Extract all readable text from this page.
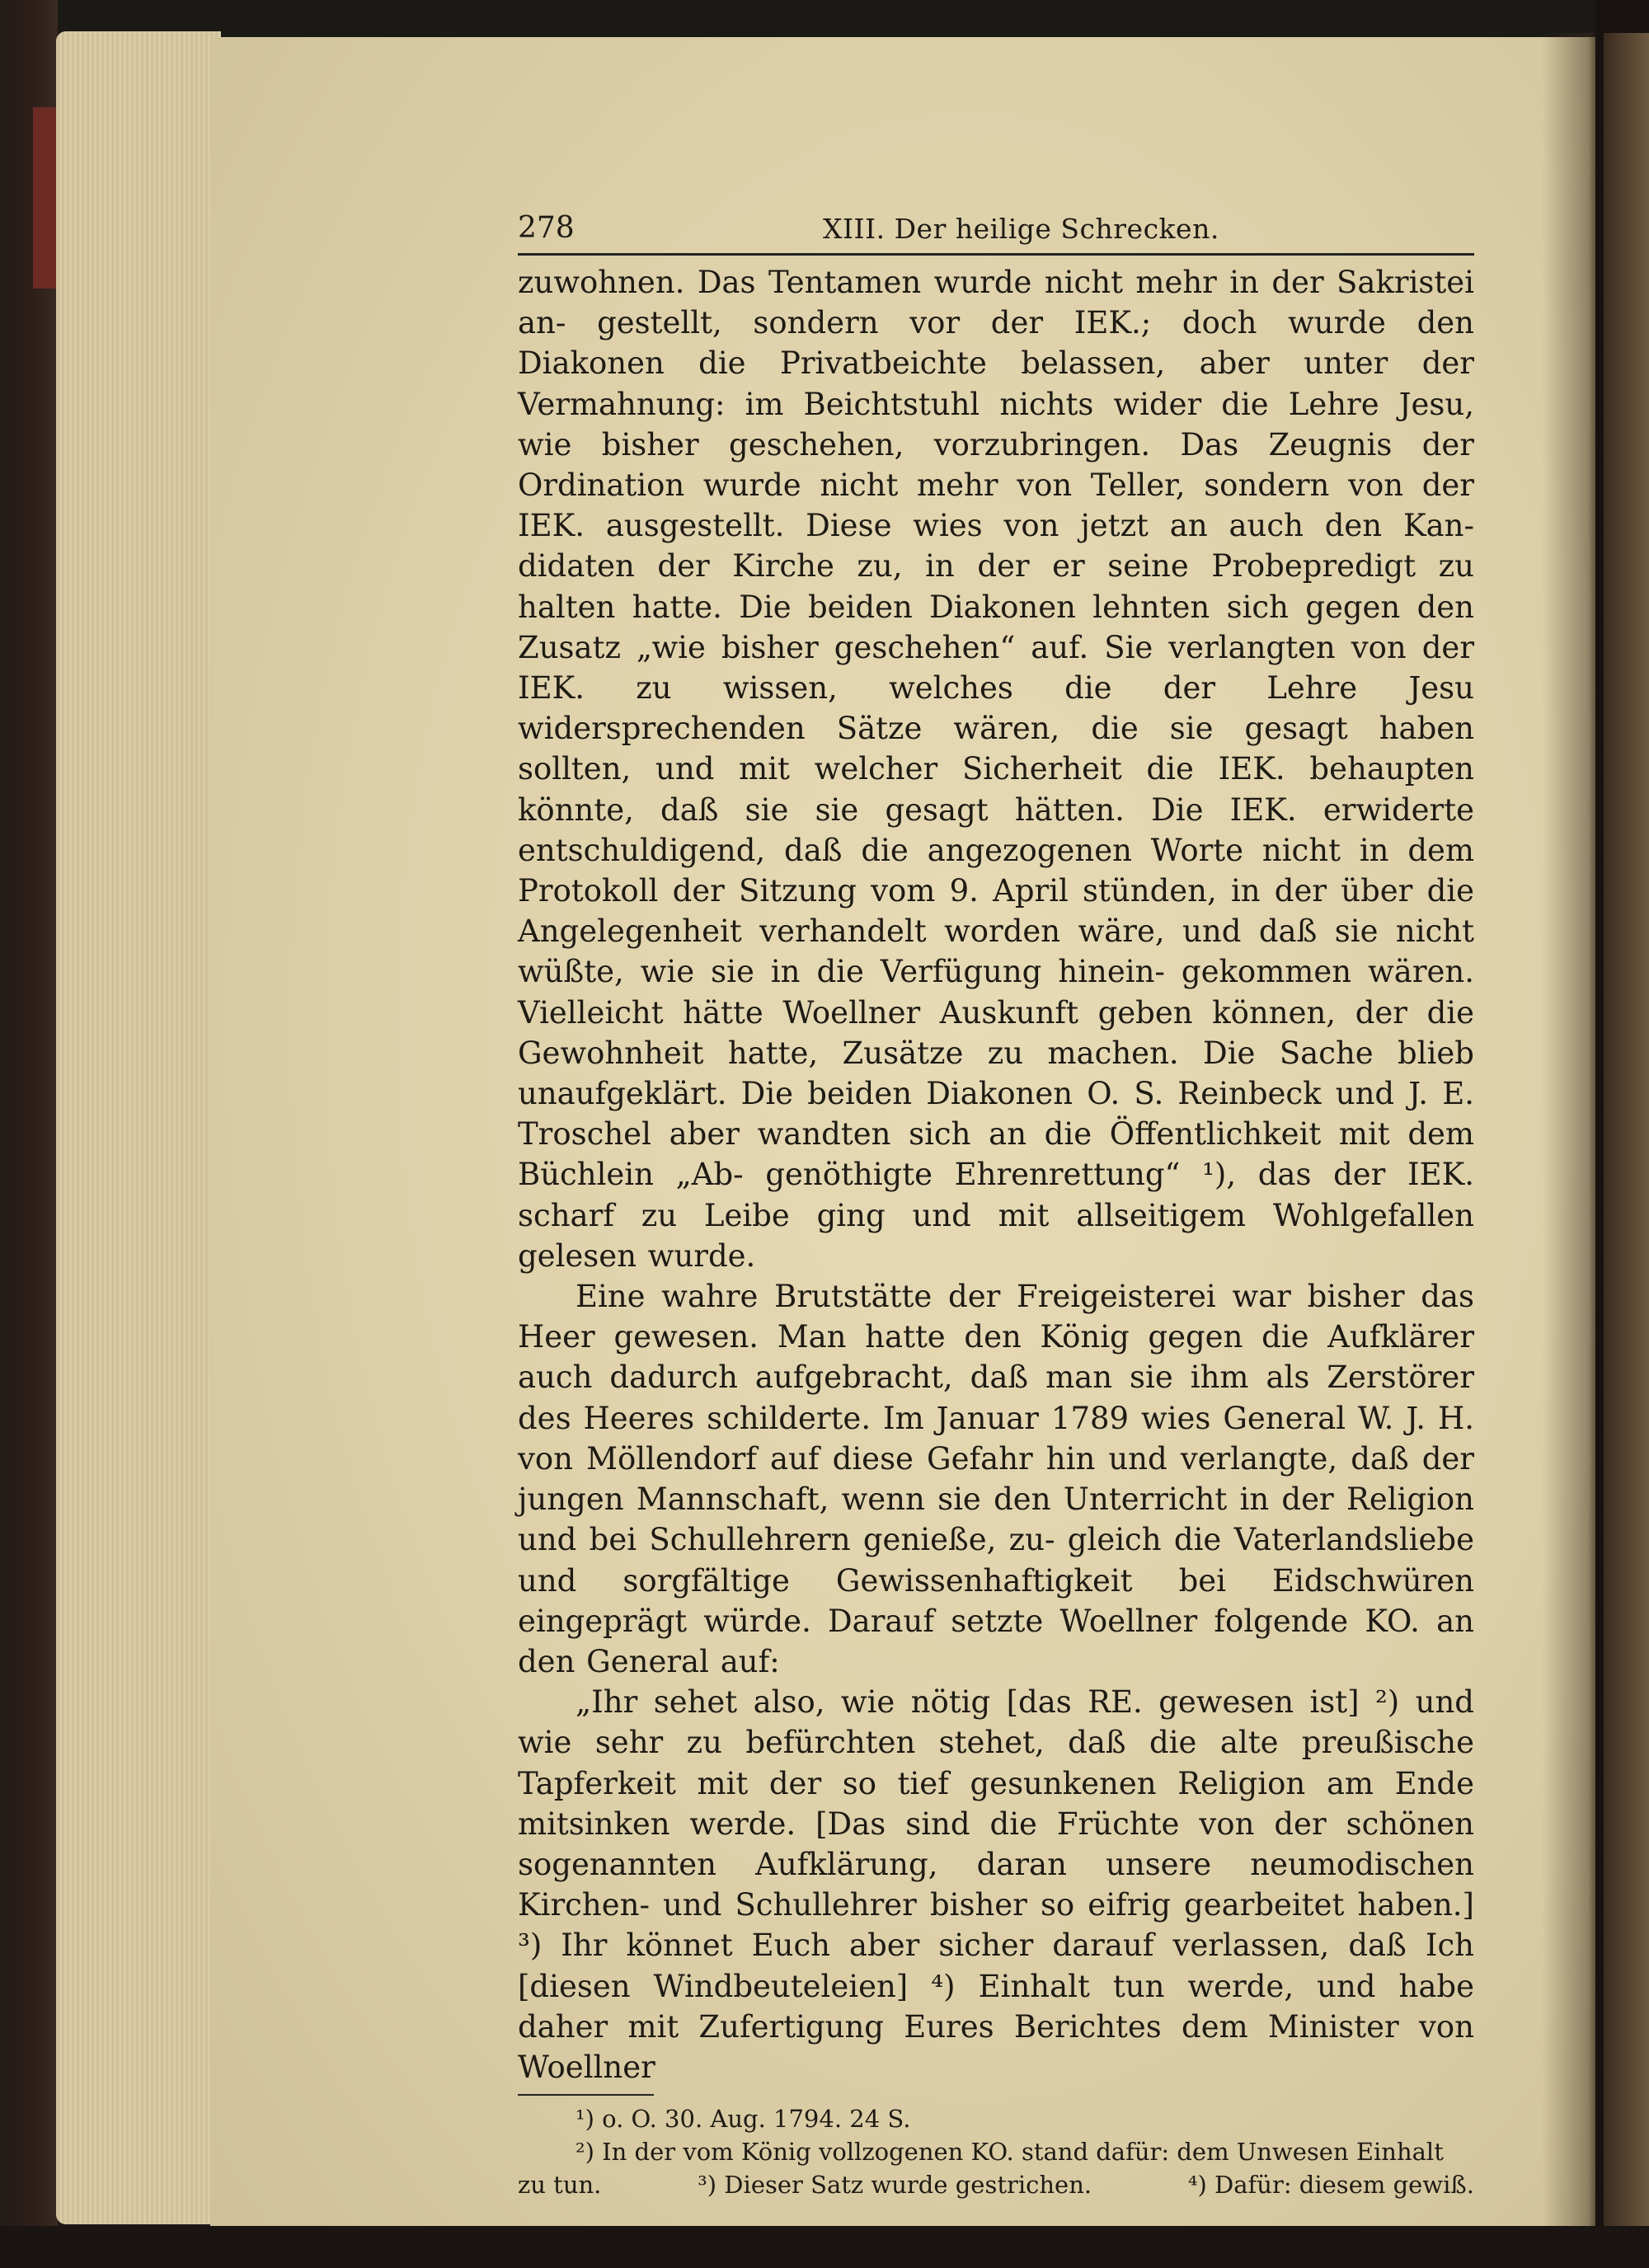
278	XIII. Der heilige Schrecken.

zuwohnen. Das Tentamen wurde nicht mehr in der Sakristei an- gestellt, sondern vor der IEK.; doch wurde den Diakonen die Privatbeichte belassen, aber unter der Vermahnung: im Beichtstuhl nichts wider die Lehre Jesu, wie bisher geschehen, vorzubringen. Das Zeugnis der Ordination wurde nicht mehr von Teller, sondern von der IEK. ausgestellt. Diese wies von jetzt an auch den Kan- didaten der Kirche zu, in der er seine Probepredigt zu halten hatte. Die beiden Diakonen lehnten sich gegen den Zusatz „wie bisher geschehen“ auf. Sie verlangten von der IEK. zu wissen, welches die der Lehre Jesu widersprechenden Sätze wären, die sie gesagt haben sollten, und mit welcher Sicherheit die IEK. behaupten könnte, daß sie sie gesagt hätten. Die IEK. erwiderte entschuldigend, daß die angezogenen Worte nicht in dem Protokoll der Sitzung vom 9. April stünden, in der über die Angelegenheit verhandelt worden wäre, und daß sie nicht wüßte, wie sie in die Verfügung hinein- gekommen wären. Vielleicht hätte Woellner Auskunft geben können, der die Gewohnheit hatte, Zusätze zu machen. Die Sache blieb unaufgeklärt. Die beiden Diakonen O. S. Reinbeck und J. E. Troschel aber wandten sich an die Öffentlichkeit mit dem Büchlein „Ab- genöthigte Ehrenrettung“ ¹), das der IEK. scharf zu Leibe ging und mit allseitigem Wohlgefallen gelesen wurde.

Eine wahre Brutstätte der Freigeisterei war bisher das Heer gewesen. Man hatte den König gegen die Aufklärer auch dadurch aufgebracht, daß man sie ihm als Zerstörer des Heeres schilderte. Im Januar 1789 wies General W. J. H. von Möllendorf auf diese Gefahr hin und verlangte, daß der jungen Mannschaft, wenn sie den Unterricht in der Religion und bei Schullehrern genieße, zu- gleich die Vaterlandsliebe und sorgfältige Gewissenhaftigkeit bei Eidschwüren eingeprägt würde. Darauf setzte Woellner folgende KO. an den General auf:

„Ihr sehet also, wie nötig [das RE. gewesen ist] ²) und wie sehr zu befürchten stehet, daß die alte preußische Tapferkeit mit der so tief gesunkenen Religion am Ende mitsinken werde. [Das sind die Früchte von der schönen sogenannten Aufklärung, daran unsere neumodischen Kirchen- und Schullehrer bisher so eifrig gearbeitet haben.] ³) Ihr könnet Euch aber sicher darauf verlassen, daß Ich [diesen Windbeuteleien] ⁴) Einhalt tun werde, und habe daher mit Zufertigung Eures Berichtes dem Minister von Woellner

¹) o. O. 30. Aug. 1794. 24 S.

²) In der vom König vollzogenen KO. stand dafür: dem Unwesen Einhalt

zu tun.	³) Dieser Satz wurde gestrichen.	⁴) Dafür: diesem gewiß.
